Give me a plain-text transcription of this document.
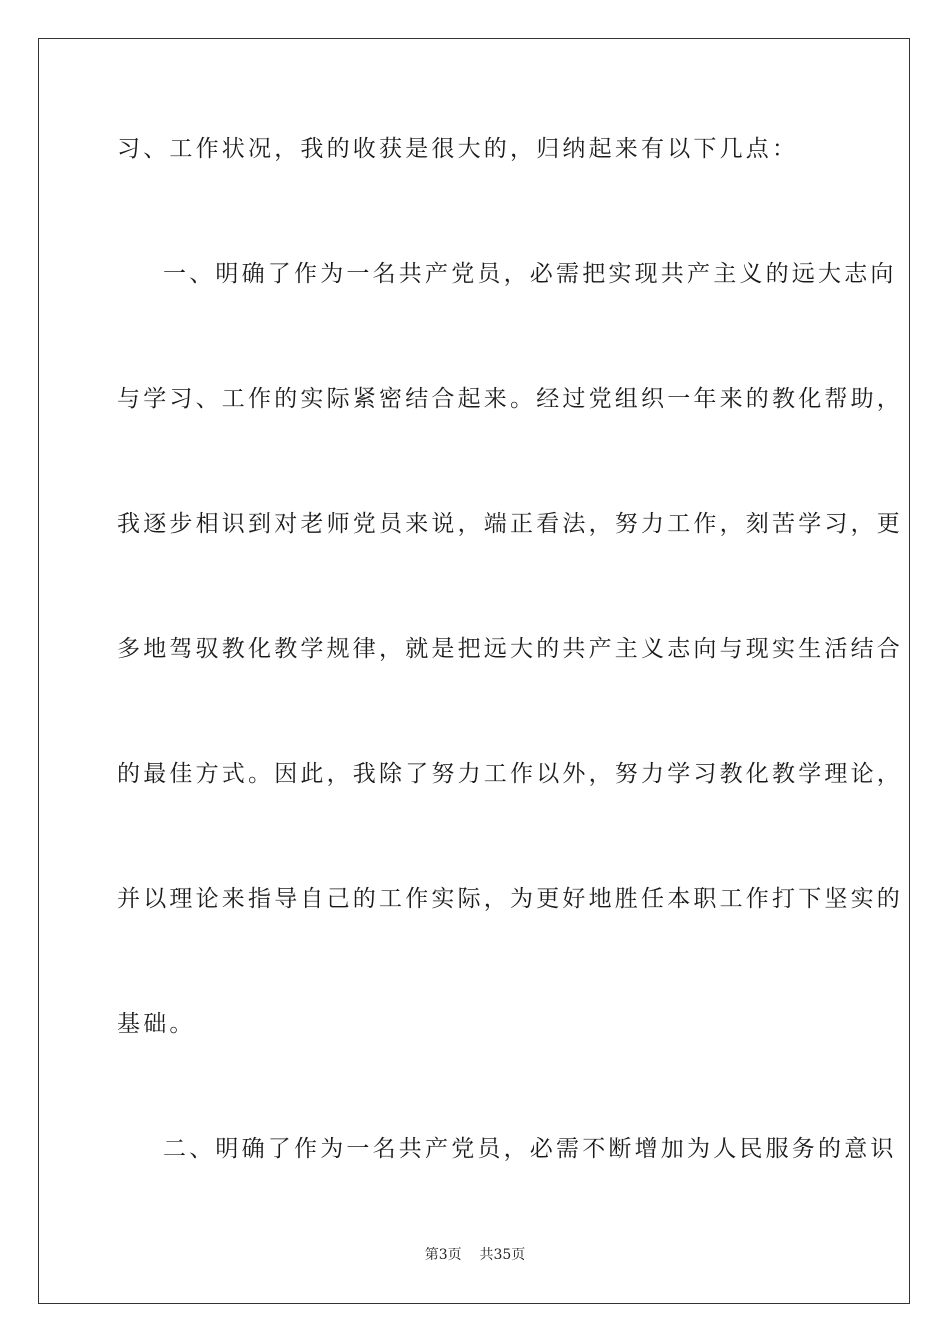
习、工作状况，我的收获是很大的，归纳起来有以下几点：

一、明确了作为一名共产党员，必需把实现共产主义的远大志向

与学习、工作的实际紧密结合起来。经过党组织一年来的教化帮助，

我逐步相识到对老师党员来说，端正看法，努力工作，刻苦学习，更

多地驾驭教化教学规律，就是把远大的共产主义志向与现实生活结合

的最佳方式。因此，我除了努力工作以外，努力学习教化教学理论，

并以理论来指导自己的工作实际，为更好地胜任本职工作打下坚实的

基础。

二、明确了作为一名共产党员，必需不断增加为人民服务的意识

第3页    共35页
